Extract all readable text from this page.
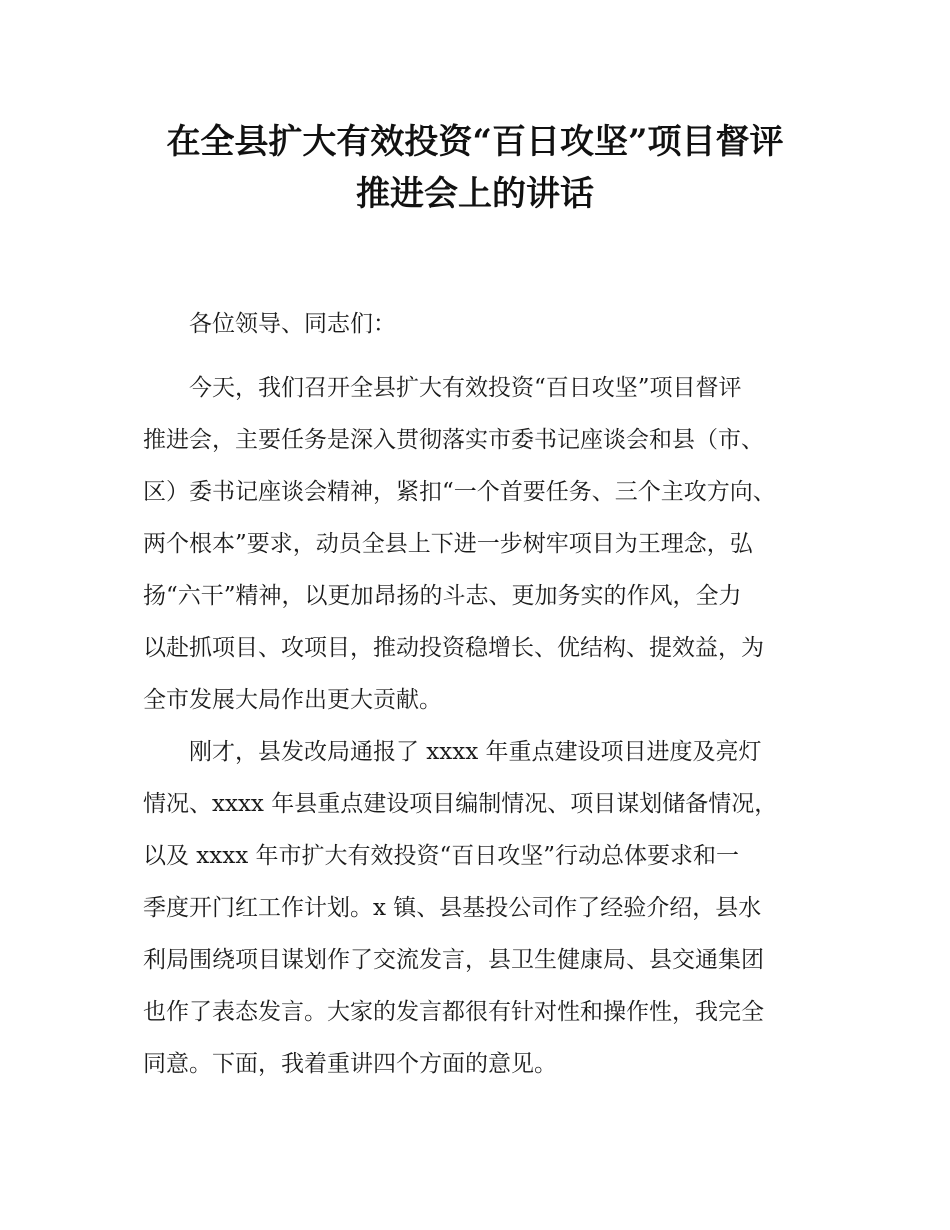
在全县扩大有效投资“百日攻坚”项目督评
推进会上的讲话
各位领导、同志们：
今天，我们召开全县扩大有效投资“百日攻坚”项目督评
推进会，主要任务是深入贯彻落实市委书记座谈会和县（市、
区）委书记座谈会精神，紧扣“一个首要任务、三个主攻方向、
两个根本”要求，动员全县上下进一步树牢项目为王理念，弘
扬“六干”精神，以更加昂扬的斗志、更加务实的作风，全力
以赴抓项目、攻项目，推动投资稳增长、优结构、提效益，为
全市发展大局作出更大贡献。
刚才，县发改局通报了 xxxx 年重点建设项目进度及亮灯
情况、xxxx 年县重点建设项目编制情况、项目谋划储备情况，
以及 xxxx 年市扩大有效投资“百日攻坚”行动总体要求和一
季度开门红工作计划。x 镇、县基投公司作了经验介绍，县水
利局围绕项目谋划作了交流发言，县卫生健康局、县交通集团
也作了表态发言。大家的发言都很有针对性和操作性，我完全
同意。下面，我着重讲四个方面的意见。
